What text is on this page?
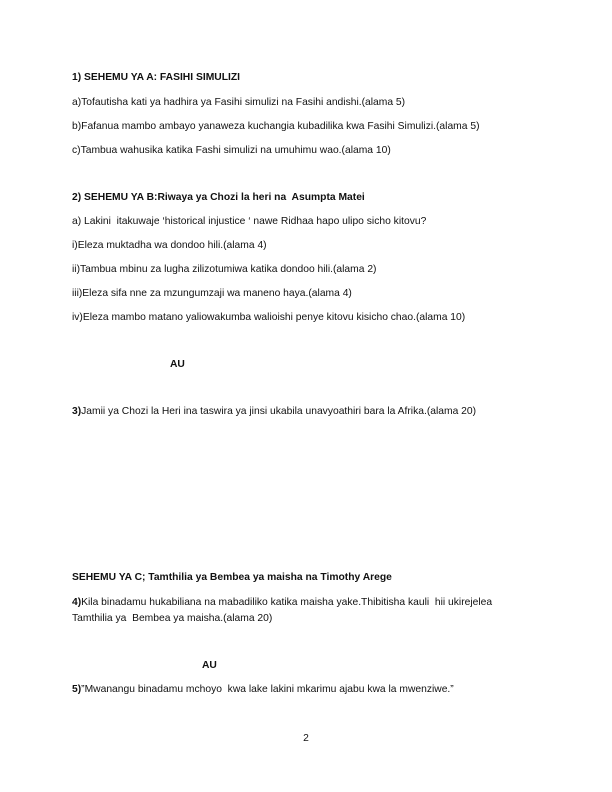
1) SEHEMU YA A: FASIHI SIMULIZI
a)Tofautisha kati ya hadhira ya Fasihi simulizi na Fasihi andishi.(alama 5)
b)Fafanua mambo ambayo yanaweza kuchangia kubadilika kwa Fasihi Simulizi.(alama 5)
c)Tambua wahusika katika Fashi simulizi na umuhimu wao.(alama 10)
2) SEHEMU YA B:Riwaya ya Chozi la heri na  Asumpta Matei
a) Lakini  itakuwaje ‘historical injustice ‘ nawe Ridhaa hapo ulipo sicho kitovu?
i)Eleza muktadha wa dondoo hili.(alama 4)
ii)Tambua mbinu za lugha zilizotumiwa katika dondoo hili.(alama 2)
iii)Eleza sifa nne za mzungumzaji wa maneno haya.(alama 4)
iv)Eleza mambo matano yaliowakumba walioishi penye kitovu kisicho chao.(alama 10)
AU
3)Jamii ya Chozi la Heri ina taswira ya jinsi ukabila unavyoathiri bara la Afrika.(alama 20)
SEHEMU YA C; Tamthilia ya Bembea ya maisha na Timothy Arege
4)Kila binadamu hukabiliana na mabadiliko katika maisha yake.Thibitisha kauli  hii ukirejelea
Tamthilia ya  Bembea ya maisha.(alama 20)
AU
5)”Mwanangu binadamu mchoyo  kwa lake lakini mkarimu ajabu kwa la mwenziwe.”
2
